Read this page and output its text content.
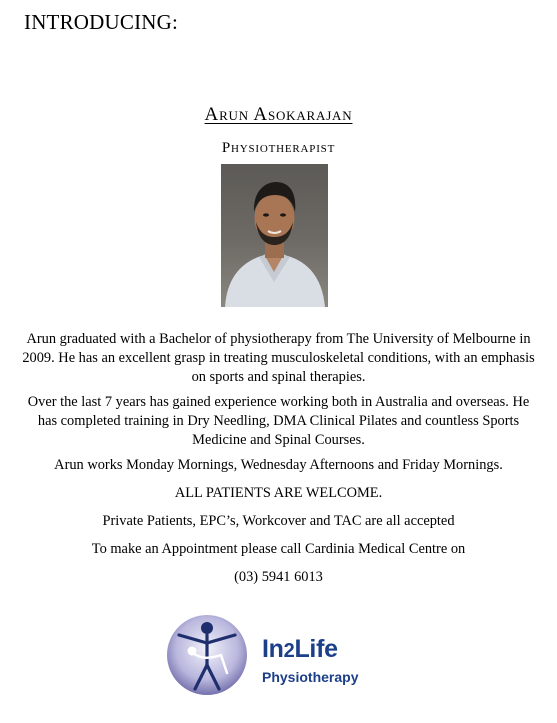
INTRODUCING:
Arun Asokarajan
Physiotherapist

Arun graduated with a Bachelor of physiotherapy from The University of Melbourne in 2009. He has an excellent grasp in treating musculoskeletal conditions, with an emphasis on sports and spinal therapies.

Over the last 7 years has gained experience working both in Australia and overseas. He has completed training in Dry Needling, DMA Clinical Pilates and countless Sports Medicine and Spinal Courses.

Arun works Monday Mornings, Wednesday Afternoons and Friday Mornings.

ALL PATIENTS ARE WELCOME.

Private Patients, EPC’s, Workcover and TAC are all accepted

To make an Appointment please call Cardinia Medical Centre on

(03) 5941 6013

In2Life
Physiotherapy
